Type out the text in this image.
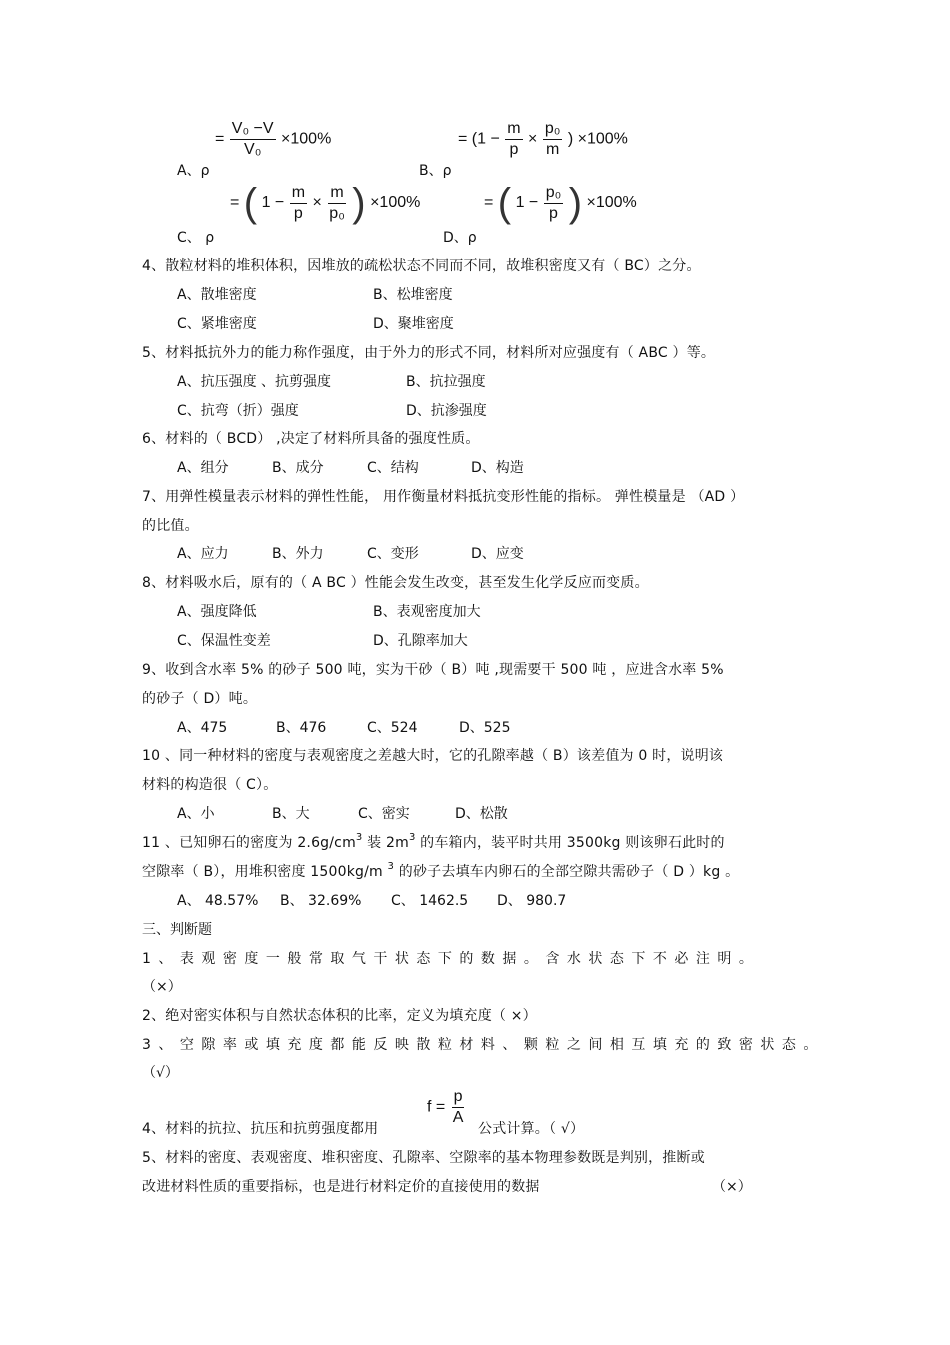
= $\frac{\text{V₀ −V}}{\text{V₀}} \times 100\%$
A、ρ
= ($1 - \frac{m}{p} \times \frac{\text{p₀}}{m}$ ) ×100%
B、ρ
= ( $1 - \frac{m}{p} \times \frac{m}{\text{p₀}}$ ) ×100%
C、 ρ
= ( $1 - \frac{\text{p₀}}{p}$ ) ×100%
D、ρ
4、散粒材料的堆积体积，因堆放的疏松状态不同而不同，故堆积密度又有（ BC）之分。
A、散堆密度	B、松堆密度
C、紧堆密度	D、聚堆密度
5、材料抵抗外力的能力称作强度，由于外力的形式不同，材料所对应强度有（ ABC ）等。
A、抗压强度 、抗剪强度	B、抗拉强度
C、抗弯（折）强度	D、抗渗强度
6、材料的（ BCD） ,决定了材料所具备的强度性质。
A、组分	B、成分	C、结构	D、构造
7、用弹性模量表示材料的弹性性能， 用作衡量材料抵抗变形性能的指标。 弹性模量是 （AD ）
的比值。
A、应力	B、外力	C、变形	D、应变
8、材料吸水后，原有的（ A BC ）性能会发生改变，甚至发生化学反应而变质。
A、强度降低	B、表观密度加大
C、保温性变差	D、孔隙率加大
9、收到含水率 5% 的砂子 500 吨，实为干砂（ B）吨 ,现需要干 500 吨 ，应进含水率 5%
的砂子（ D）吨。
A、475	B、476	C、524	D、525
10 、同一种材料的密度与表观密度之差越大时，它的孔隙率越（ B）该差值为 0 时，说明该
材料的构造很（ C）。
A、小	B、大	C、密实	D、松散
11 、已知卵石的密度为 $2.6g/cm^3$ 装 $2m^3$ 的车箱内，装平时共用 3500kg 则该卵石此时的
空隙率（ B），用堆积密度 1500kg/m $^3$ 的砂子去填车内卵石的全部空隙共需砂子（ D ）kg 。
A、 48.57% B、 32.69% C、 1462.5 D、 980.7
三、判断题
1、表观密度一般常取气干状态下的数据。含水状态下不必注明。
（×）
2、绝对密实体积与自然状态体积的比率，定义为填充度（ ×）
3、空隙率或填充度都能反映散粒材料、颗粒之间相互填充的致密状态。
（√）
4、材料的抗拉、抗压和抗剪强度都用
$f = \frac{p}{A}$
公式计算。（ √）
5、材料的密度、表观密度、堆积密度、孔隙率、空隙率的基本物理参数既是判别，推断或
改进材料性质的重要指标，也是进行材料定价的直接使用的数据	（×）
